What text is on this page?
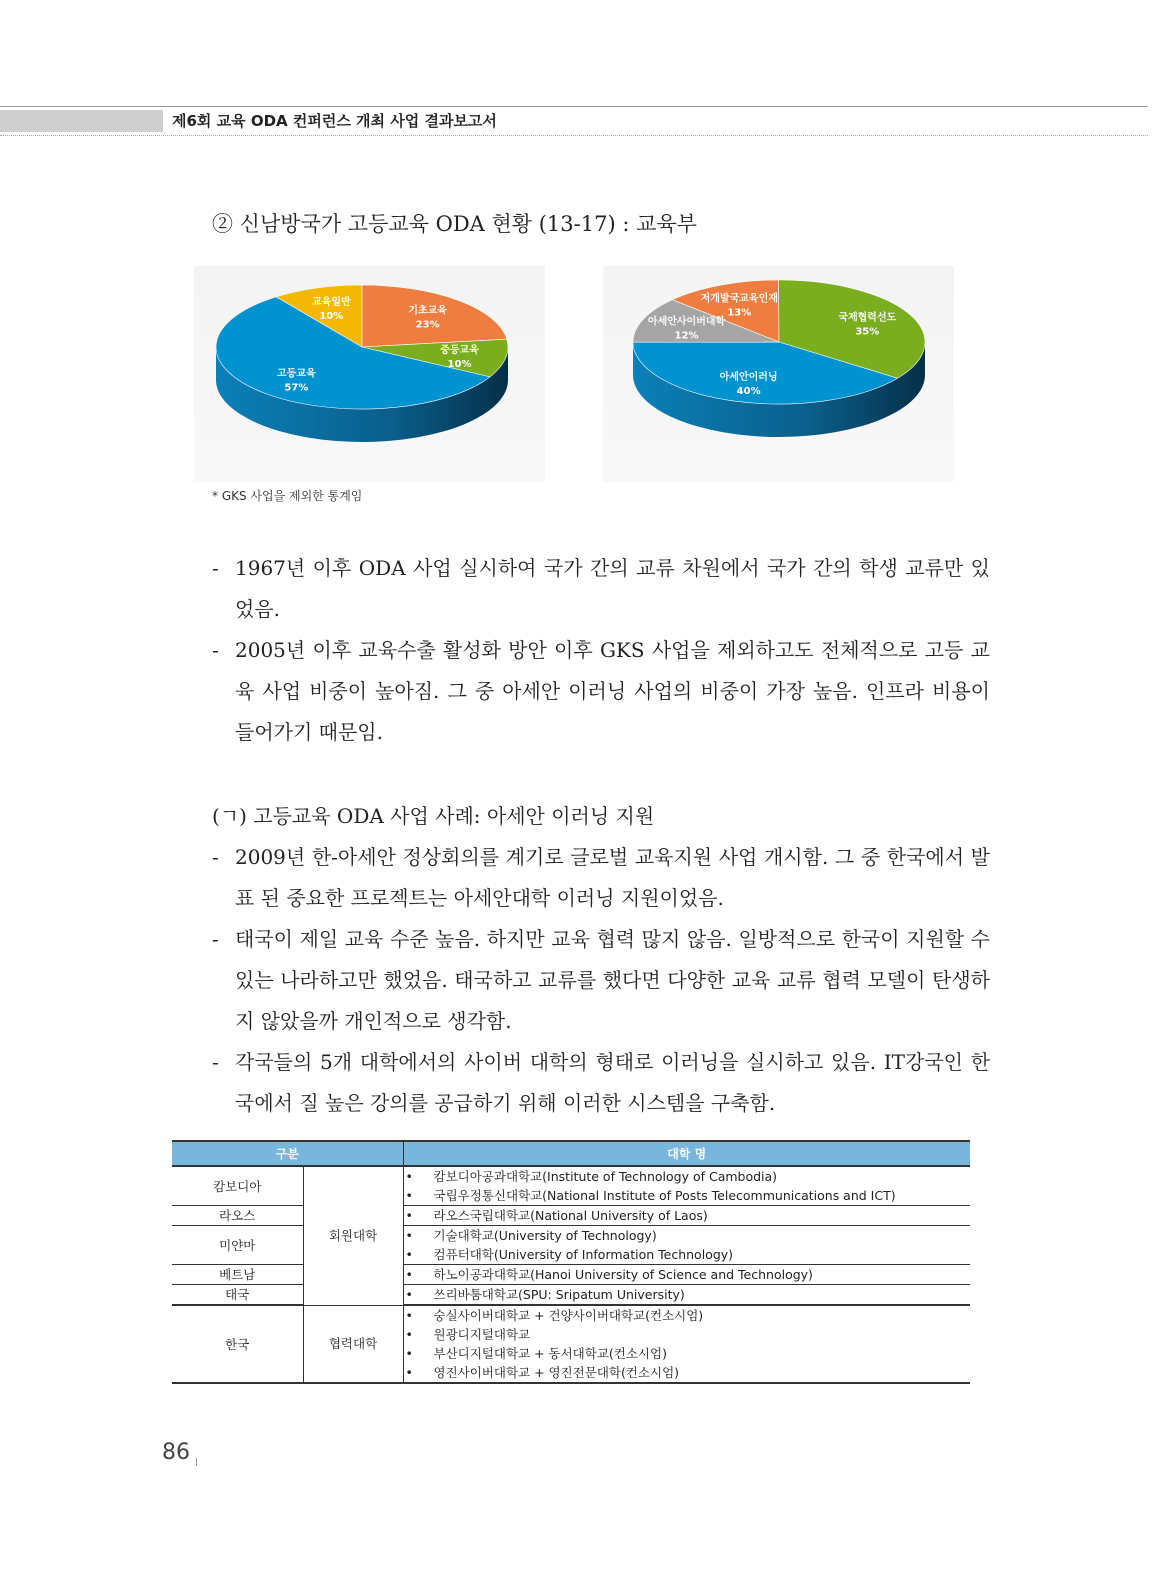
제6회 교육 ODA 컨퍼런스 개최 사업 결과보고서
② 신남방국가 고등교육 ODA 현황 (13-17) : 교육부
교육일반
10%
기초교육
23%
중등교육
10%
고등교육
57%
저개발국교육인재
13%	국제협력선도
35%
아세안이러닝
40%
아세안사이버대학
12%
* GKS 사업을 제외한 통계임
- 1967년 이후 ODA 사업 실시하여 국가 간의 교류 차원에서 국가 간의 학생 교류만 있었음.
- 2005년 이후 교육수출 활성화 방안 이후 GKS 사업을 제외하고도 전체적으로 고등 교육 사업 비중이 높아짐. 그 중 아세안 이러닝 사업의 비중이 가장 높음. 인프라 비용이 들어가기 때문임.
(ㄱ) 고등교육 ODA 사업 사례: 아세안 이러닝 지원
- 2009년 한-아세안 정상회의를 계기로 글로벌 교육지원 사업 개시함. 그 중 한국에서 발표 된 중요한 프로젝트는 아세안대학 이러닝 지원이었음.
- 태국이 제일 교육 수준 높음. 하지만 교육 협력 많지 않음. 일방적으로 한국이 지원할 수 있는 나라하고만 했었음. 태국하고 교류를 했다면 다양한 교육 교류 협력 모델이 탄생하지 않았을까 개인적으로 생각함.
- 각국들의 5개 대학에서의 사이버 대학의 형태로 이러닝을 실시하고 있음. IT강국인 한국에서 질 높은 강의를 공급하기 위해 이러한 시스템을 구축함.
구분		대학 명
캄보디아	회원대학	• 캄보디아공과대학교(Institute of Technology of Cambodia)
• 국립우정통신대학교(National Institute of Posts Telecommunications and ICT)

라오스		• 라오스국립대학교(National University of Laos)

미얀마		• 기술대학교(University of Technology)
• 컴퓨터대학(University of Information Technology)

베트남		• 하노이공과대학교(Hanoi University of Science and Technology)

태국		• 쓰리바툼대학교(SPU: Sripatum University)

한국	협력대학	• 숭실사이버대학교 + 건양사이버대학교(컨소시엄)
• 원광디지털대학교
• 부산디지털대학교 + 동서대학교(컨소시엄)
• 영진사이버대학교 + 영진전문대학(컨소시엄)
86
